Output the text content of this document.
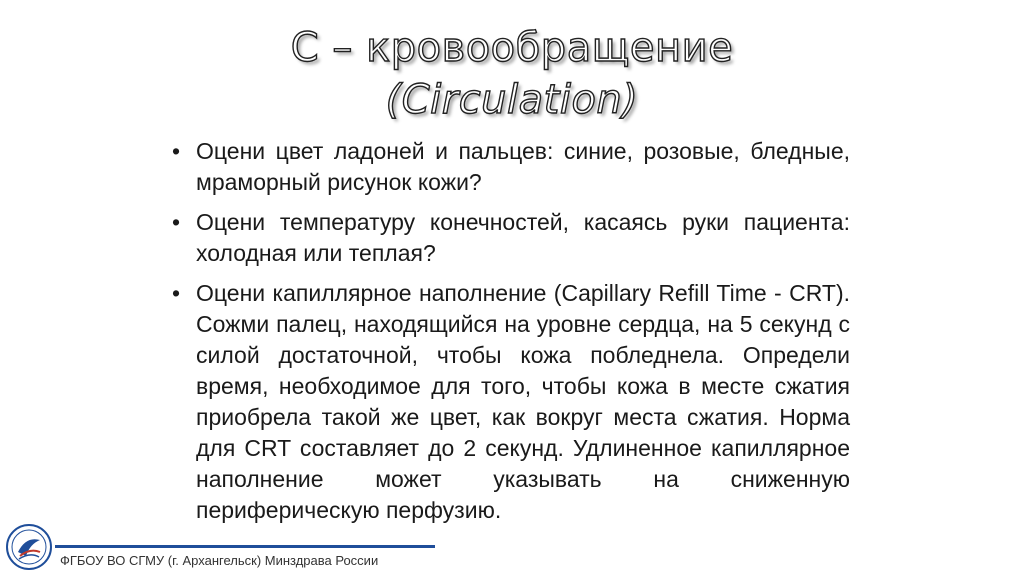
С – кровообращение
(Circulation)
• Оцени цвет ладоней и пальцев: синие, розовые, бледные, мраморный рисунок кожи?
• Оцени температуру конечностей, касаясь руки пациента: холодная или теплая?
• Оцени капиллярное наполнение (Capillary Refill Time - CRT). Сожми палец, находящийся на уровне сердца, на 5 секунд с силой достаточной, чтобы кожа побледнела. Определи время, необходимое для того, чтобы кожа в месте сжатия приобрела такой же цвет, как вокруг места сжатия. Норма для CRT составляет до 2 секунд. Удлиненное капиллярное наполнение может указывать на сниженную периферическую перфузию.
ФГБОУ ВО СГМУ (г. Архангельск) Минздрава России
